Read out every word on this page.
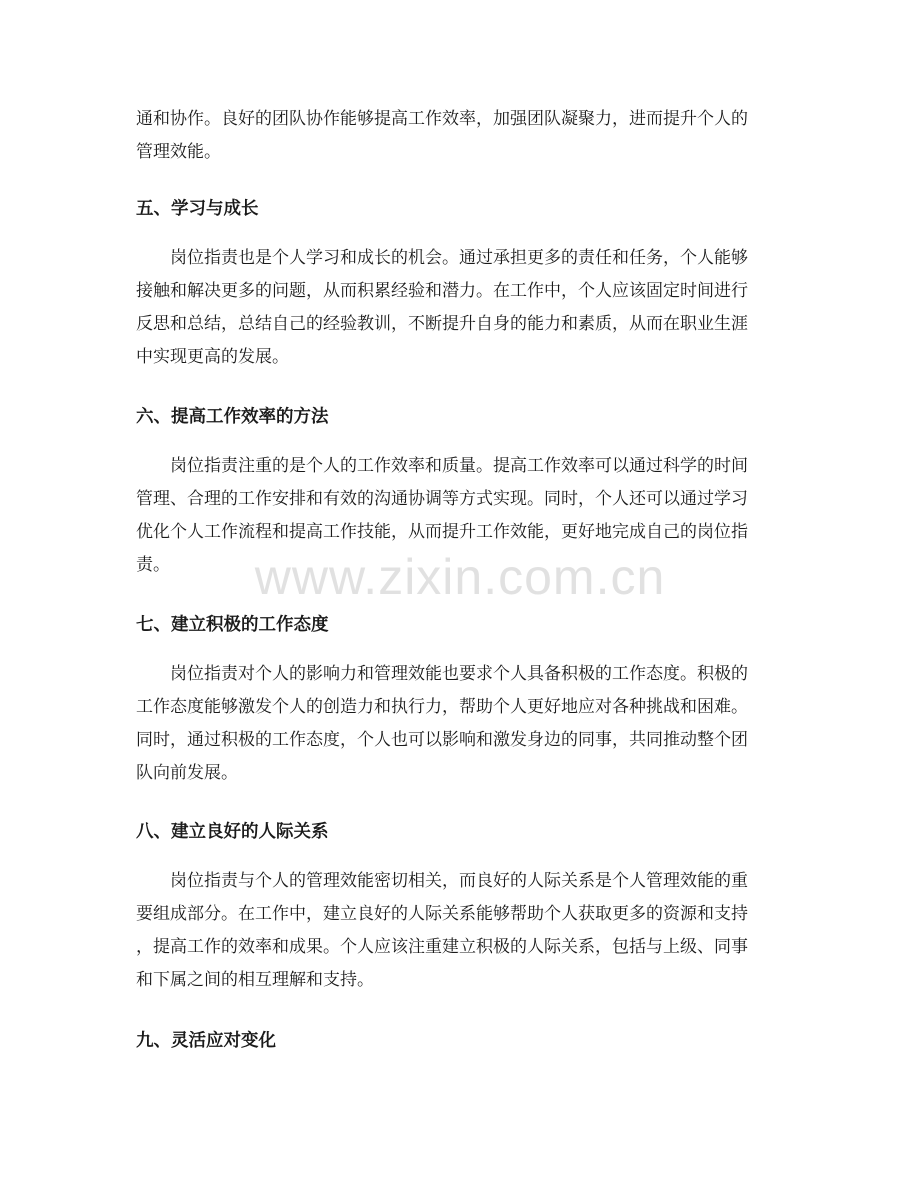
通和协作。良好的团队协作能够提高工作效率，加强团队凝聚力，进而提升个人的
管理效能。
五、学习与成长
岗位指责也是个人学习和成长的机会。通过承担更多的责任和任务，个人能够
接触和解决更多的问题，从而积累经验和潜力。在工作中，个人应该固定时间进行
反思和总结，总结自己的经验教训，不断提升自身的能力和素质，从而在职业生涯
中实现更高的发展。
六、提高工作效率的方法
岗位指责注重的是个人的工作效率和质量。提高工作效率可以通过科学的时间
管理、合理的工作安排和有效的沟通协调等方式实现。同时，个人还可以通过学习
优化个人工作流程和提高工作技能，从而提升工作效能，更好地完成自己的岗位指
责。
七、建立积极的工作态度
岗位指责对个人的影响力和管理效能也要求个人具备积极的工作态度。积极的
工作态度能够激发个人的创造力和执行力，帮助个人更好地应对各种挑战和困难。
同时，通过积极的工作态度，个人也可以影响和激发身边的同事，共同推动整个团
队向前发展。
八、建立良好的人际关系
岗位指责与个人的管理效能密切相关，而良好的人际关系是个人管理效能的重
要组成部分。在工作中，建立良好的人际关系能够帮助个人获取更多的资源和支持
，提高工作的效率和成果。个人应该注重建立积极的人际关系，包括与上级、同事
和下属之间的相互理解和支持。
九、灵活应对变化
www.zixin.com.cn
